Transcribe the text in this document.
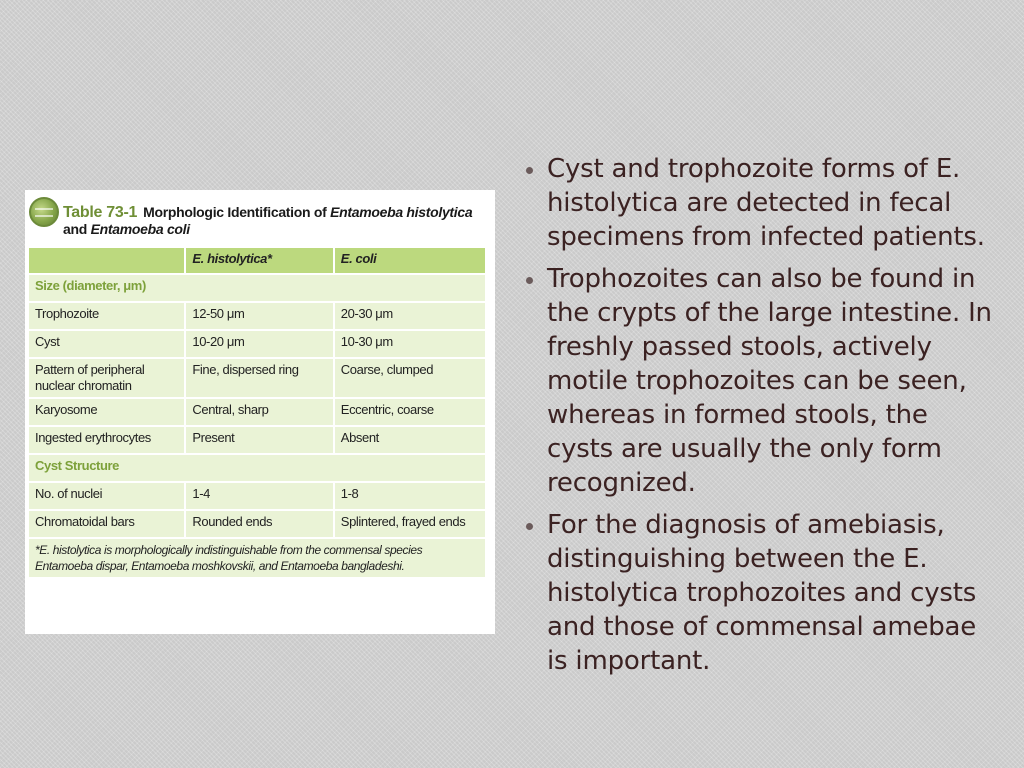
Table 73-1 Morphologic Identification of Entamoeba histolytica and Entamoeba coli
	E. histolytica*	E. coli
Size (diameter, μm)		
Trophozoite	12-50 μm	20-30 μm
Cyst	10-20 μm	10-30 μm
Pattern of peripheral nuclear chromatin	Fine, dispersed ring	Coarse, clumped
Karyosome	Central, sharp	Eccentric, coarse
Ingested erythrocytes	Present	Absent
Cyst Structure		
No. of nuclei	1-4	1-8
Chromatoidal bars	Rounded ends	Splintered, frayed ends
*E. histolytica is morphologically indistinguishable from the commensal species Entamoeba dispar, Entamoeba moshkovskii, and Entamoeba bangladeshi.		
Cyst and trophozoite forms of E. histolytica are detected in fecal specimens from infected patients.
Trophozoites can also be found in the crypts of the large intestine. In freshly passed stools, actively motile trophozoites can be seen, whereas in formed stools, the cysts are usually the only form recognized.
For the diagnosis of amebiasis, distinguishing between the E. histolytica trophozoites and cysts and those of commensal amebae is important.
